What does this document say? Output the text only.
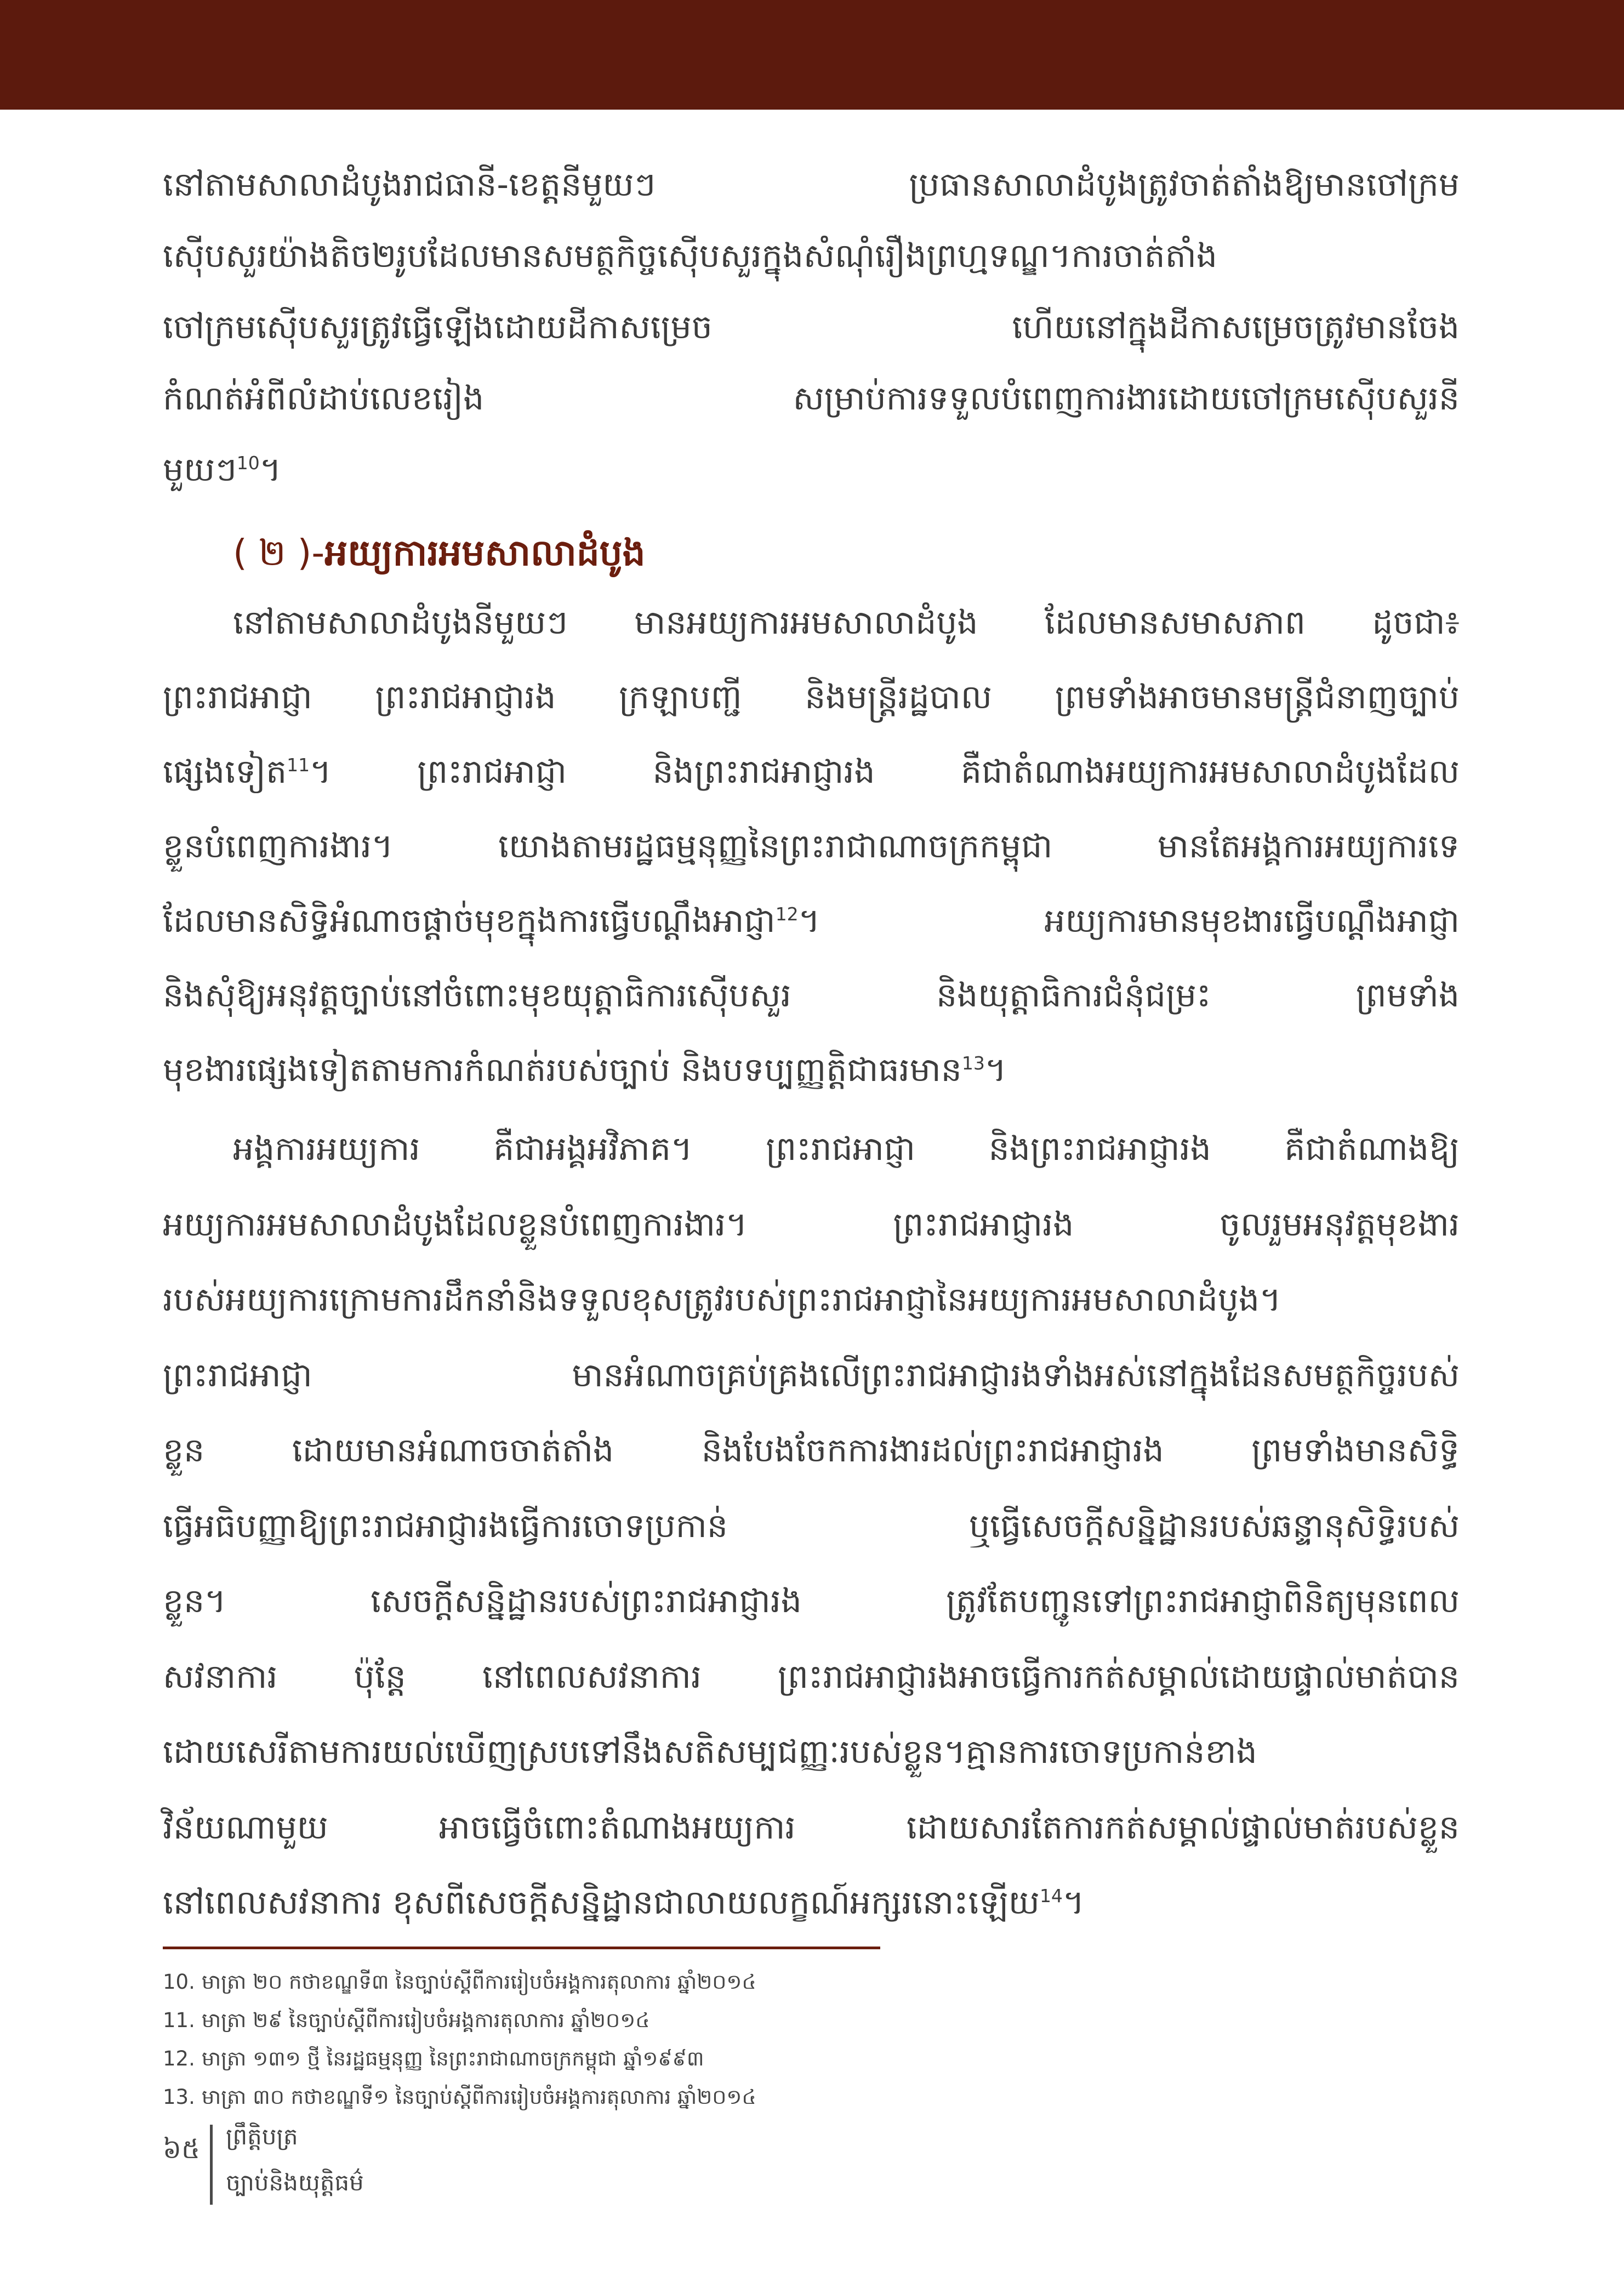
នៅតាមសាលាដំបូងរាជធានី-ខេត្តនីមួយៗ ប្រធានសាលាដំបូងត្រូវចាត់តាំងឱ្យមានចៅក្រម
ស៊ើបសួរយ៉ាងតិច២រូបដែលមានសមត្ថកិច្ចស៊ើបសួរក្នុងសំណុំរឿងព្រហ្មទណ្ឌ។ការចាត់តាំង
ចៅក្រមស៊ើបសួរត្រូវធ្វើឡើងដោយដីកាសម្រេច ហើយនៅក្នុងដីកាសម្រេចត្រូវមានចែង
កំណត់អំពីលំដាប់លេខរៀង សម្រាប់ការទទួលបំពេញការងារដោយចៅក្រមស៊ើបសួរនី
មួយៗ$^{10}$។
( ២ )-អយ្យការអមសាលាដំបូង
នៅតាមសាលាដំបូងនីមួយៗ មានអយ្យការអមសាលាដំបូង ដែលមានសមាសភាព ដូចជា៖
ព្រះរាជអាជ្ញា ព្រះរាជអាជ្ញារង ក្រឡាបញ្ជី និងមន្ត្រីរដ្ឋបាល ព្រមទាំងអាចមានមន្ត្រីជំនាញច្បាប់
ផ្សេងទៀត$^{11}$។ ព្រះរាជអាជ្ញា និងព្រះរាជអាជ្ញារង គឺជាតំណាងអយ្យការអមសាលាដំបូងដែល
ខ្លួនបំពេញការងារ។ យោងតាមរដ្ឋធម្មនុញ្ញនៃព្រះរាជាណាចក្រកម្ពុជា មានតែអង្គការអយ្យការទេ
ដែលមានសិទ្ធិអំណាចផ្តាច់មុខក្នុងការធ្វើបណ្តឹងអាជ្ញា$^{12}$។ អយ្យការមានមុខងារធ្វើបណ្តឹងអាជ្ញា
និងសុំឱ្យអនុវត្តច្បាប់នៅចំពោះមុខយុត្តាធិការស៊ើបសួរ និងយុត្តាធិការជំនុំជម្រះ ព្រមទាំង
មុខងារផ្សេងទៀតតាមការកំណត់របស់ច្បាប់ និងបទប្បញ្ញត្តិជាធរមាន$^{13}$។
អង្គការអយ្យការ គឺជាអង្គអវិភាគ។ ព្រះរាជអាជ្ញា និងព្រះរាជអាជ្ញារង គឺជាតំណាងឱ្យ
អយ្យការអមសាលាដំបូងដែលខ្លួនបំពេញការងារ។ ព្រះរាជអាជ្ញារង ចូលរួមអនុវត្តមុខងារ
របស់អយ្យការក្រោមការដឹកនាំនិងទទួលខុសត្រូវរបស់ព្រះរាជអាជ្ញានៃអយ្យការអមសាលាដំបូង។
ព្រះរាជអាជ្ញា មានអំណាចគ្រប់គ្រងលើព្រះរាជអាជ្ញារងទាំងអស់នៅក្នុងដែនសមត្ថកិច្ចរបស់
ខ្លួន ដោយមានអំណាចចាត់តាំង និងបែងចែកការងារដល់ព្រះរាជអាជ្ញារង ព្រមទាំងមានសិទ្ធិ
ធ្វើអធិបញ្ញាឱ្យព្រះរាជអាជ្ញារងធ្វើការចោទប្រកាន់ ឬធ្វើសេចក្តីសន្និដ្ឋានរបស់ឆន្ទានុសិទ្ធិរបស់
ខ្លួន។ សេចក្តីសន្និដ្ឋានរបស់ព្រះរាជអាជ្ញារង ត្រូវតែបញ្ជូនទៅព្រះរាជអាជ្ញាពិនិត្យមុនពេល
សវនាការ ប៉ុន្តែ នៅពេលសវនាការ ព្រះរាជអាជ្ញារងអាចធ្វើការកត់សម្គាល់ដោយផ្ទាល់មាត់បាន
ដោយសេរីតាមការយល់ឃើញស្របទៅនឹងសតិសម្បជញ្ញៈរបស់ខ្លួន។គ្មានការចោទប្រកាន់ខាង
វិន័យណាមួយ អាចធ្វើចំពោះតំណាងអយ្យការ ដោយសារតែការកត់សម្គាល់ផ្ទាល់មាត់របស់ខ្លួន
នៅពេលសវនាការ ខុសពីសេចក្តីសន្និដ្ឋានជាលាយលក្ខណ៍អក្សរនោះឡើយ$^{14}$។
10. មាត្រា ២០ កថាខណ្ឌទី៣ នៃច្បាប់ស្តីពីការរៀបចំអង្គការតុលាការ ឆ្នាំ២០១៤
11. មាត្រា ២៩ នៃច្បាប់ស្តីពីការរៀបចំអង្គការតុលាការ ឆ្នាំ២០១៤
12. មាត្រា ១៣១ ថ្មី នៃរដ្ឋធម្មនុញ្ញ នៃព្រះរាជាណាចក្រកម្ពុជា ឆ្នាំ១៩៩៣
13. មាត្រា ៣០ កថាខណ្ឌទី១ នៃច្បាប់ស្តីពីការរៀបចំអង្គការតុលាការ ឆ្នាំ២០១៤
៦៥ ព្រឹត្តិបត្រ
ច្បាប់និងយុត្តិធម៌
